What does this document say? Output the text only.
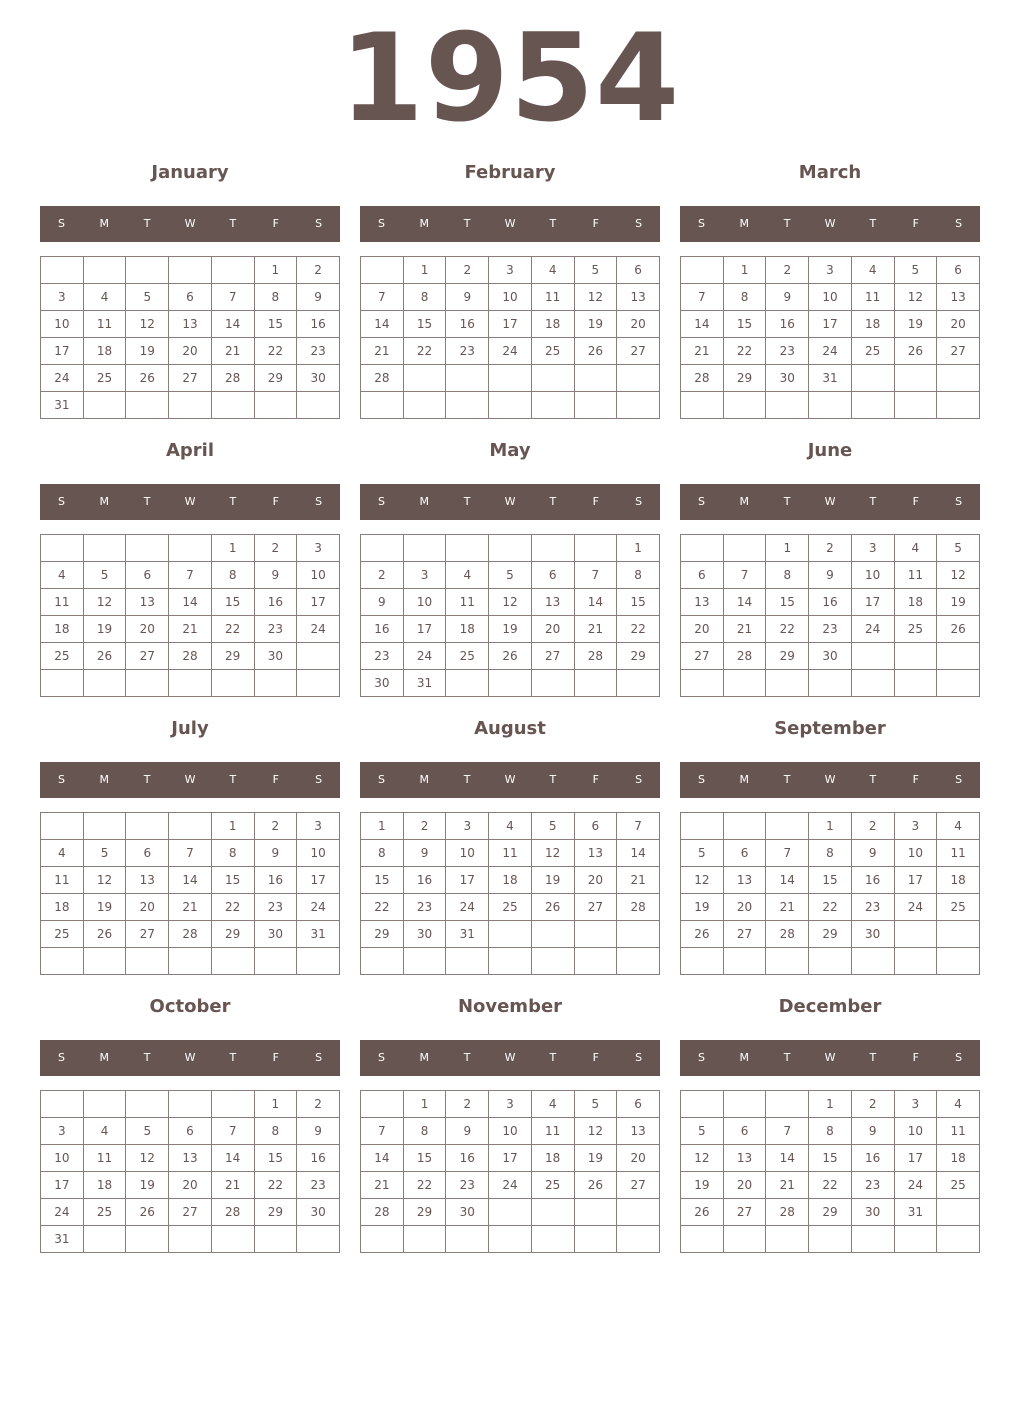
1954
January
S	M	T	W	T	F	S
					1	2
3	4	5	6	7	8	9
10	11	12	13	14	15	16
17	18	19	20	21	22	23
24	25	26	27	28	29	30
31						
February
S	M	T	W	T	F	S
	1	2	3	4	5	6
7	8	9	10	11	12	13
14	15	16	17	18	19	20
21	22	23	24	25	26	27
28						

March
S	M	T	W	T	F	S
	1	2	3	4	5	6
7	8	9	10	11	12	13
14	15	16	17	18	19	20
21	22	23	24	25	26	27
28	29	30	31			

April
S	M	T	W	T	F	S
				1	2	3
4	5	6	7	8	9	10
11	12	13	14	15	16	17
18	19	20	21	22	23	24
25	26	27	28	29	30	

May
S	M	T	W	T	F	S
						1
2	3	4	5	6	7	8
9	10	11	12	13	14	15
16	17	18	19	20	21	22
23	24	25	26	27	28	29
30	31					
June
S	M	T	W	T	F	S
		1	2	3	4	5
6	7	8	9	10	11	12
13	14	15	16	17	18	19
20	21	22	23	24	25	26
27	28	29	30			

July
S	M	T	W	T	F	S
				1	2	3
4	5	6	7	8	9	10
11	12	13	14	15	16	17
18	19	20	21	22	23	24
25	26	27	28	29	30	31

August
S	M	T	W	T	F	S
1	2	3	4	5	6	7
8	9	10	11	12	13	14
15	16	17	18	19	20	21
22	23	24	25	26	27	28
29	30	31				

September
S	M	T	W	T	F	S
			1	2	3	4
5	6	7	8	9	10	11
12	13	14	15	16	17	18
19	20	21	22	23	24	25
26	27	28	29	30		

October
S	M	T	W	T	F	S
					1	2
3	4	5	6	7	8	9
10	11	12	13	14	15	16
17	18	19	20	21	22	23
24	25	26	27	28	29	30
31						
November
S	M	T	W	T	F	S
	1	2	3	4	5	6
7	8	9	10	11	12	13
14	15	16	17	18	19	20
21	22	23	24	25	26	27
28	29	30				

December
S	M	T	W	T	F	S
			1	2	3	4
5	6	7	8	9	10	11
12	13	14	15	16	17	18
19	20	21	22	23	24	25
26	27	28	29	30	31	
